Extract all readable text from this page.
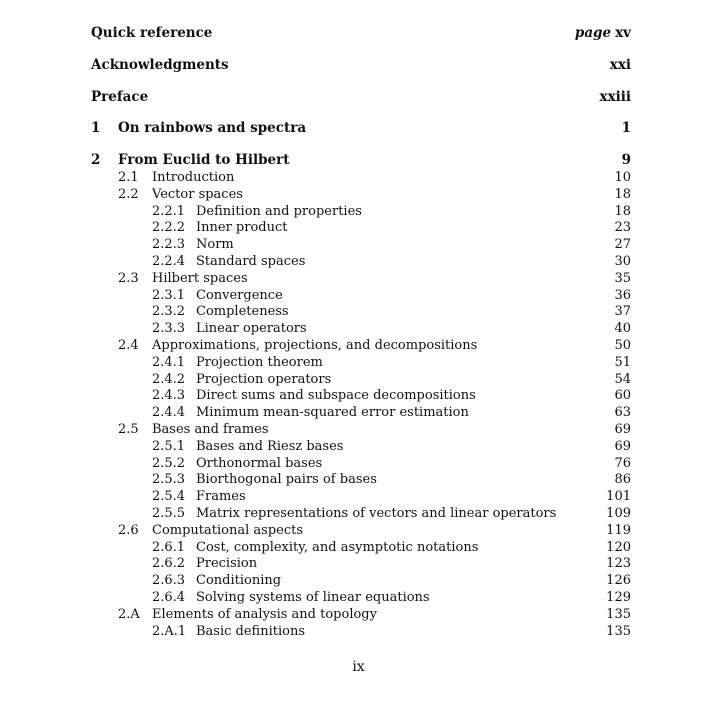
Quick reference	page xv
Acknowledgments	xxi
Preface	xxiii
1 On rainbows and spectra	1
2 From Euclid to Hilbert	9
2.1 Introduction	10
2.2 Vector spaces	18
2.2.1 Definition and properties	18
2.2.2 Inner product	23
2.2.3 Norm	27
2.2.4 Standard spaces	30
2.3 Hilbert spaces	35
2.3.1 Convergence	36
2.3.2 Completeness	37
2.3.3 Linear operators	40
2.4 Approximations, projections, and decompositions	50
2.4.1 Projection theorem	51
2.4.2 Projection operators	54
2.4.3 Direct sums and subspace decompositions	60
2.4.4 Minimum mean-squared error estimation	63
2.5 Bases and frames	69
2.5.1 Bases and Riesz bases	69
2.5.2 Orthonormal bases	76
2.5.3 Biorthogonal pairs of bases	86
2.5.4 Frames	101
2.5.5 Matrix representations of vectors and linear operators	109
2.6 Computational aspects	119
2.6.1 Cost, complexity, and asymptotic notations	120
2.6.2 Precision	123
2.6.3 Conditioning	126
2.6.4 Solving systems of linear equations	129
2.A Elements of analysis and topology	135
2.A.1 Basic definitions	135
ix
